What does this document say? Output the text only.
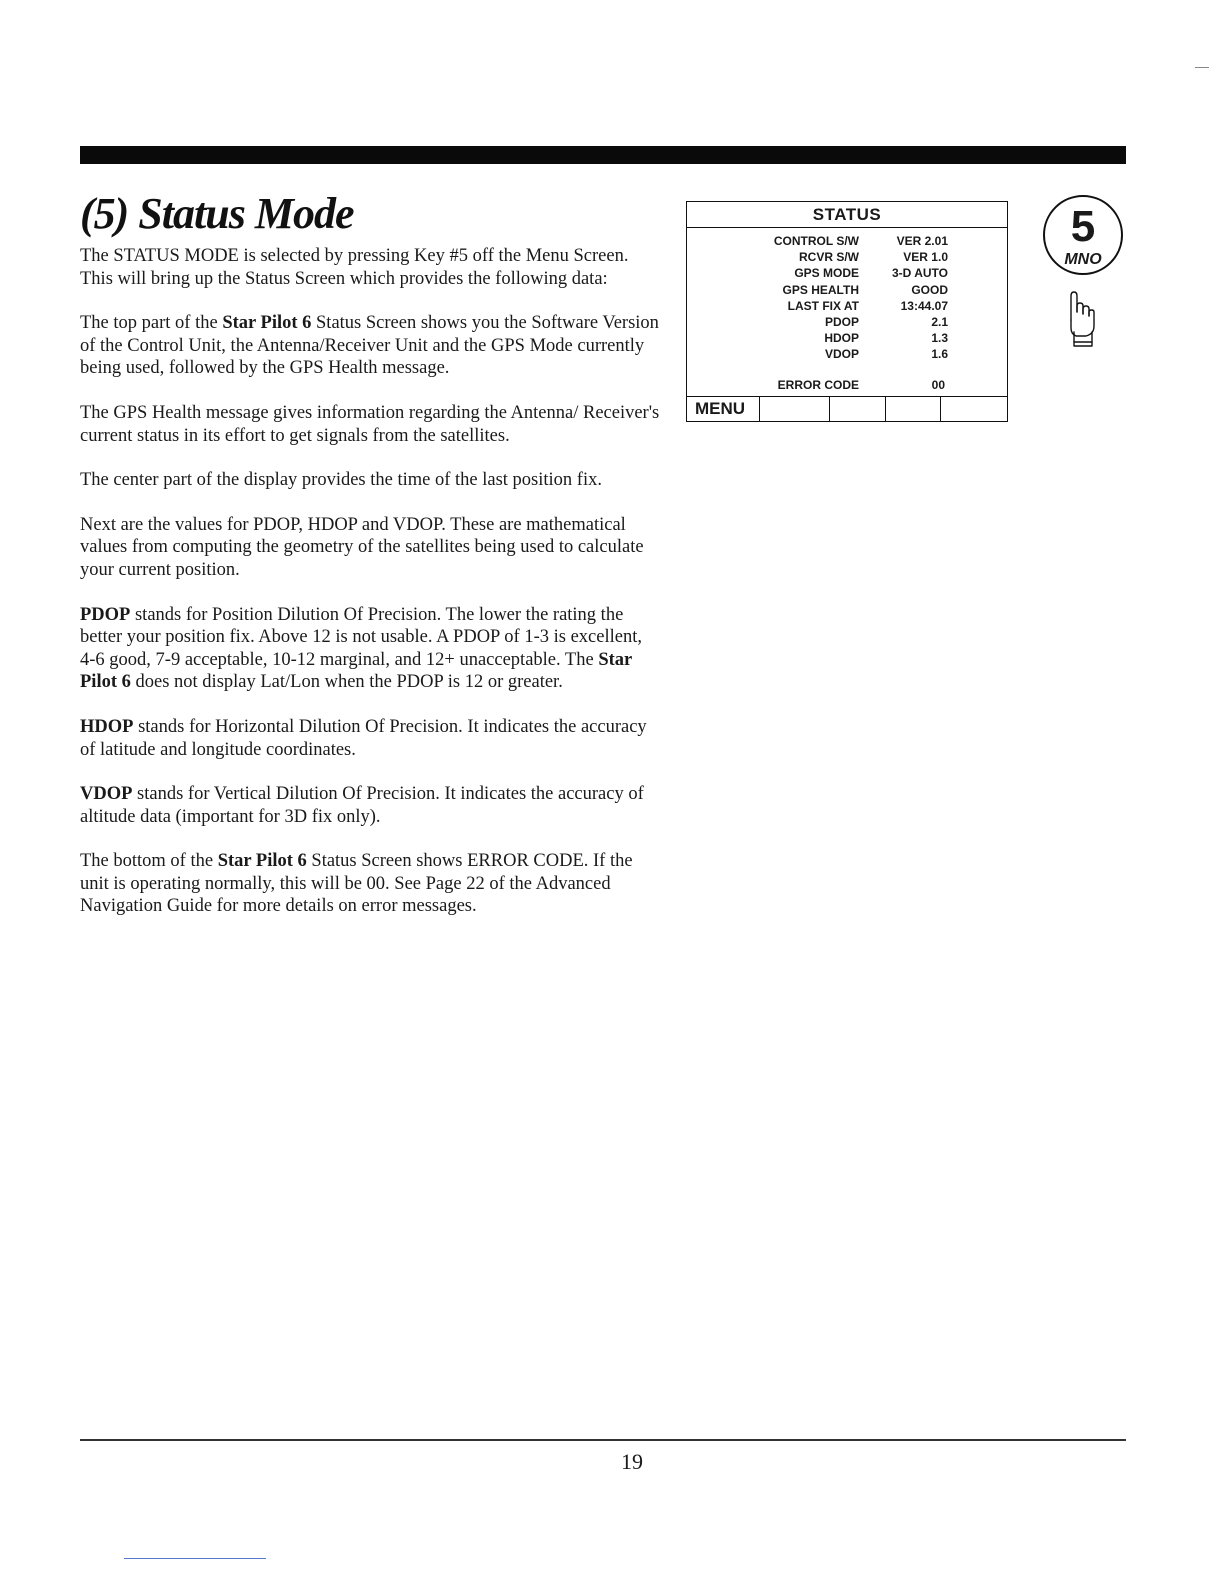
(5) Status Mode

The STATUS MODE is selected by pressing Key #5 off the Menu Screen. This will bring up the Status Screen which provides the following data:

The top part of the Star Pilot 6 Status Screen shows you the Software Version of the Control Unit, the Antenna/Receiver Unit and the GPS Mode currently being used, followed by the GPS Health message.

The GPS Health message gives information regarding the Antenna/ Receiver's current status in its effort to get signals from the satellites.

The center part of the display provides the time of the last position fix.

Next are the values for PDOP, HDOP and VDOP. These are mathematical values from computing the geometry of the satellites being used to calculate your current position.

PDOP stands for Position Dilution Of Precision. The lower the rating the better your position fix. Above 12 is not usable. A PDOP of 1-3 is excellent, 4-6 good, 7-9 acceptable, 10-12 marginal, and 12+ unacceptable. The Star Pilot 6 does not display Lat/Lon when the PDOP is 12 or greater.

HDOP stands for Horizontal Dilution Of Precision. It indicates the accuracy of latitude and longitude coordinates.

VDOP stands for Vertical Dilution Of Precision. It indicates the accuracy of altitude data (important for 3D fix only).

The bottom of the Star Pilot 6 Status Screen shows ERROR CODE. If the unit is operating normally, this will be 00. See Page 22 of the Advanced Navigation Guide for more details on error messages.

STATUS
CONTROL S/W	VER 2.01
RCVR S/W	VER 1.0
GPS MODE	3-D AUTO
GPS HEALTH	GOOD
LAST FIX AT	13:44.07
PDOP	2.1
HDOP	1.3
VDOP	1.6
ERROR CODE	00
MENU
5
MNO
19
